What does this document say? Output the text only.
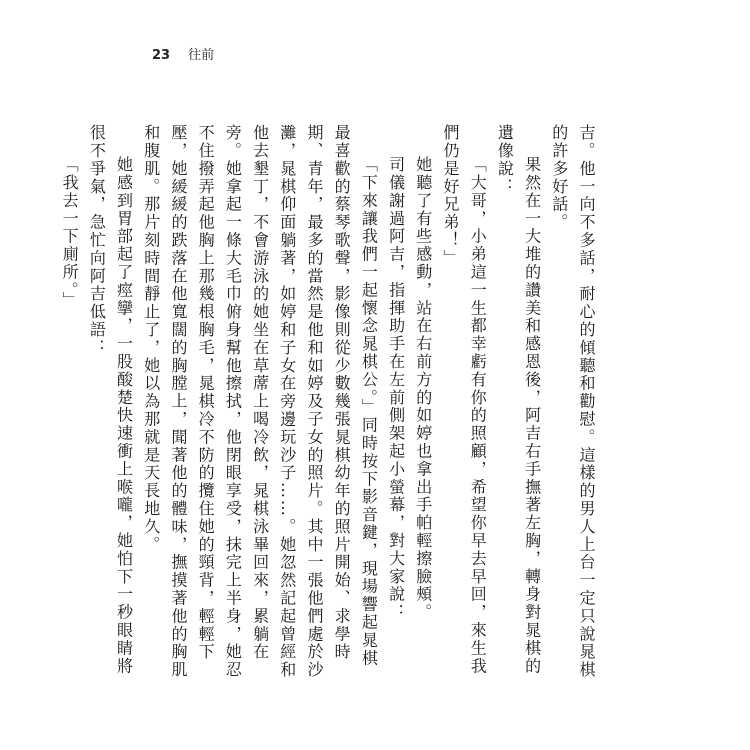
23 往前

吉。他一向不多話，耐心的傾聽和勸慰。這樣的男人上台一定只說晁棋的許多好話。

果然在一大堆的讚美和感恩後，阿吉右手撫著左胸，轉身對晁棋的遺像說：

「大哥，小弟這一生都幸虧有你的照顧，希望你早去早回，來生我們仍是好兄弟！」

她聽了有些感動，站在右前方的如婷也拿出手帕輕擦臉頰。

司儀謝過阿吉，指揮助手在左前側架起小螢幕，對大家說：

「下來讓我們一起懷念晁棋公。」同時按下影音鍵，現場響起晁棋最喜歡的蔡琴歌聲，影像則從少數幾張晁棋幼年的照片開始、求學時期、青年，最多的當然是他和如婷及子女的照片。其中一張他們處於沙灘，晁棋仰面躺著，如婷和子女在旁邊玩沙子……。她忽然記起曾經和他去墾丁，不會游泳的她坐在草蓆上喝冷飲，晁棋泳畢回來，累躺在旁。她拿起一條大毛巾俯身幫他擦拭，他閉眼享受，抹完上半身，她忍不住撥弄起他胸上那幾根胸毛，晁棋冷不防的攬住她的頸背，輕輕下壓，她緩緩的跌落在他寬闊的胸膛上，聞著他的體味，撫摸著他的胸肌和腹肌。那片刻時間靜止了，她以為那就是天長地久。

她感到胃部起了痙攣，一股酸楚快速衝上喉嚨，她怕下一秒眼睛將很不爭氣，急忙向阿吉低語：

「我去一下廁所。」
